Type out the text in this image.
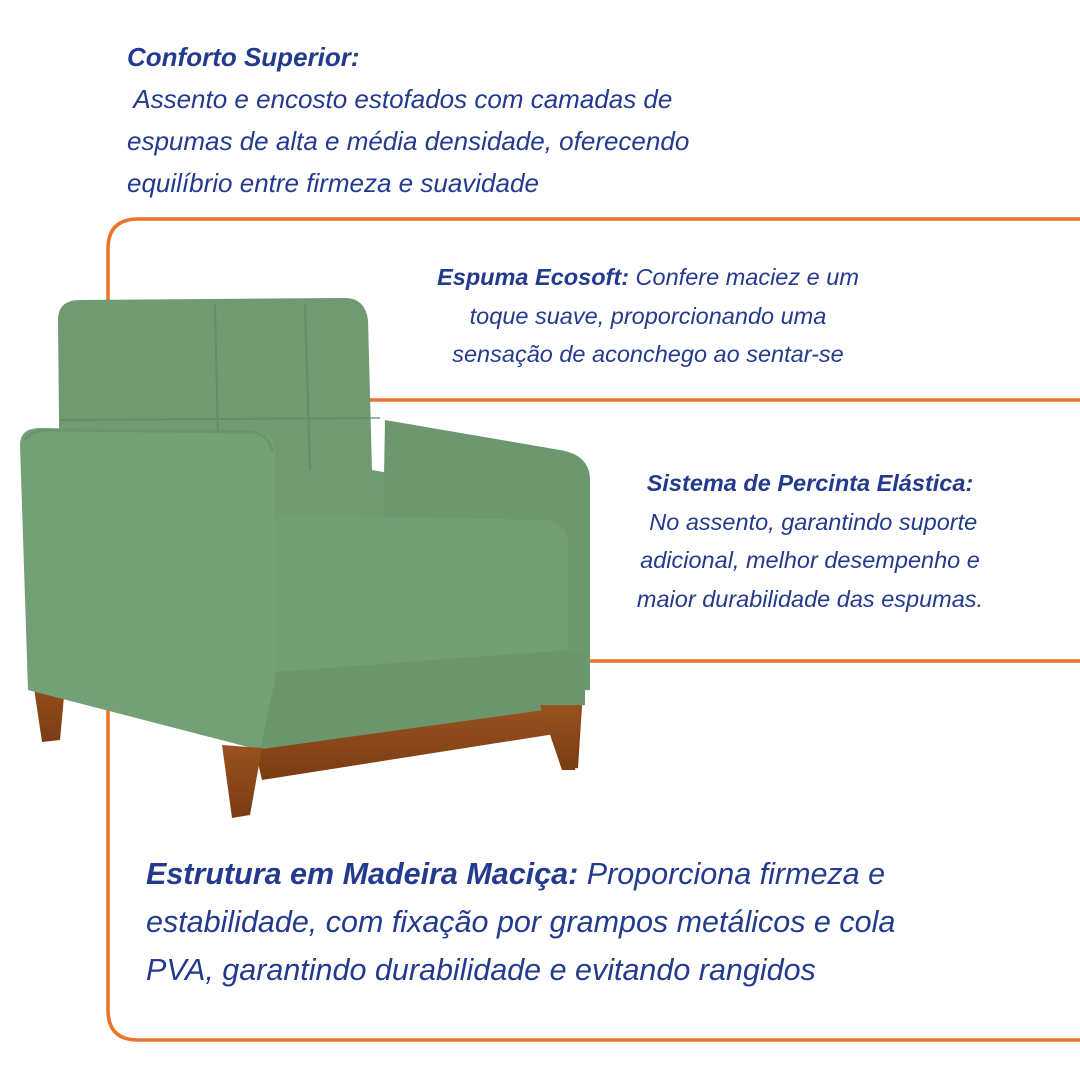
Conforto Superior:
Assento e encosto estofados com camadas de
espumas de alta e média densidade, oferecendo
equilíbrio entre firmeza e suavidade
Espuma Ecosoft: Confere maciez e um
toque suave, proporcionando uma
sensação de aconchego ao sentar-se
Sistema de Percinta Elástica:
No assento, garantindo suporte
adicional, melhor desempenho e
maior durabilidade das espumas.
Estrutura em Madeira Maciça: Proporciona firmeza e
estabilidade, com fixação por grampos metálicos e cola
PVA, garantindo durabilidade e evitando rangidos
